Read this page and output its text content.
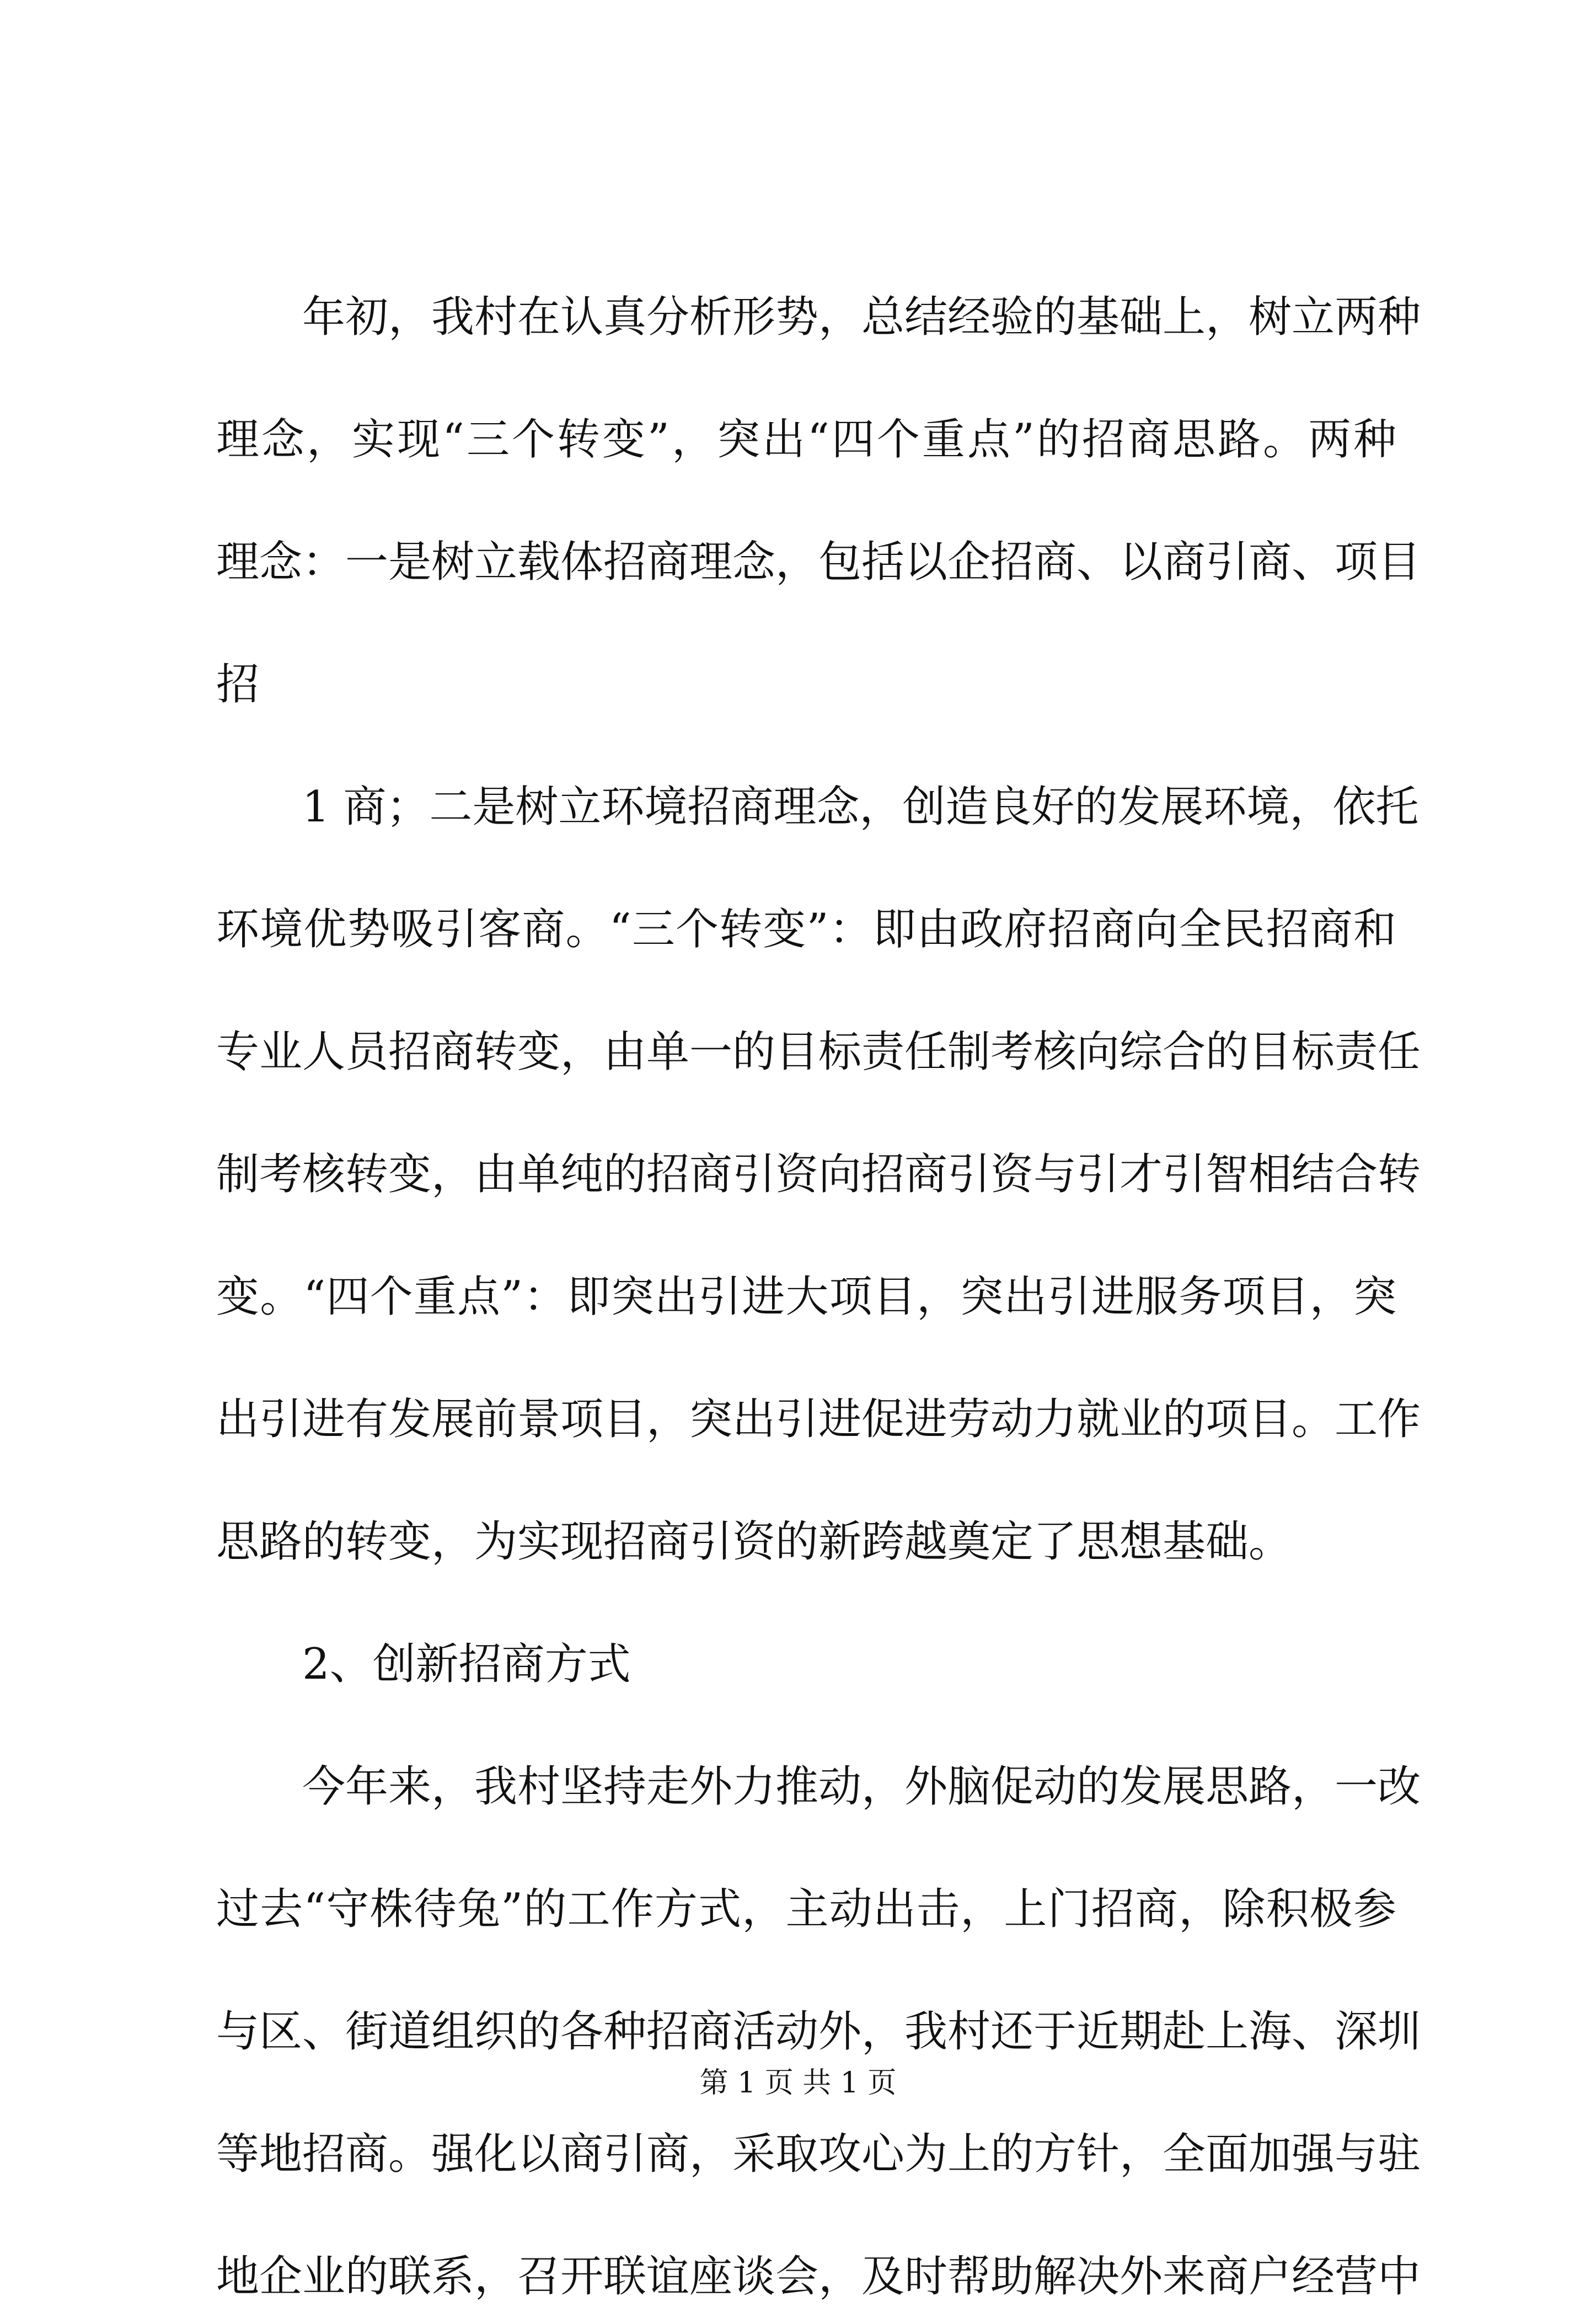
年初，我村在认真分析形势，总结经验的基础上，树立两种
理念，实现“三个转变”，突出“四个重点”的招商思路。两种
理念：一是树立载体招商理念，包括以企招商、以商引商、项目
招
1 商；二是树立环境招商理念，创造良好的发展环境，依托
环境优势吸引客商。“三个转变”：即由政府招商向全民招商和
专业人员招商转变，由单一的目标责任制考核向综合的目标责任
制考核转变，由单纯的招商引资向招商引资与引才引智相结合转
变。“四个重点”：即突出引进大项目，突出引进服务项目，突
出引进有发展前景项目，突出引进促进劳动力就业的项目。工作
思路的转变，为实现招商引资的新跨越奠定了思想基础。
2、创新招商方式
今年来，我村坚持走外力推动，外脑促动的发展思路，一改
过去“守株待兔”的工作方式，主动出击，上门招商，除积极参
与区、街道组织的各种招商活动外，我村还于近期赴上海、深圳
等地招商。强化以商引商，采取攻心为上的方针，全面加强与驻
地企业的联系，召开联谊座谈会，及时帮助解决外来商户经营中
第 1 页 共 1 页
